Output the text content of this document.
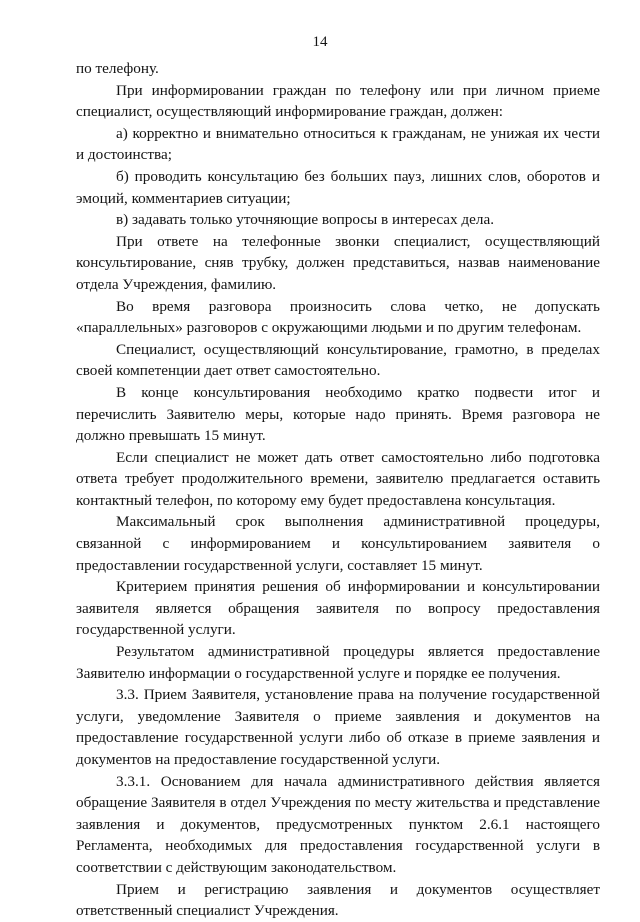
14

по телефону.

При информировании граждан по телефону или при личном приеме специалист, осуществляющий информирование граждан, должен:

а) корректно и внимательно относиться к гражданам, не унижая их чести и достоинства;

б) проводить консультацию без больших пауз, лишних слов, оборотов и эмоций, комментариев ситуации;

в) задавать только уточняющие вопросы в интересах дела.

При ответе на телефонные звонки специалист, осуществляющий консультирование, сняв трубку, должен представиться, назвав наименование отдела Учреждения, фамилию.

Во время разговора произносить слова четко, не допускать «параллельных» разговоров с окружающими людьми и по другим телефонам.

Специалист, осуществляющий консультирование, грамотно, в пределах своей компетенции дает ответ самостоятельно.

В конце консультирования необходимо кратко подвести итог и перечислить Заявителю меры, которые надо принять. Время разговора не должно превышать 15 минут.

Если специалист не может дать ответ самостоятельно либо подготовка ответа требует продолжительного времени, заявителю предлагается оставить контактный телефон, по которому ему будет предоставлена консультация.

Максимальный срок выполнения административной процедуры, связанной с информированием и консультированием заявителя о предоставлении государственной услуги, составляет 15 минут.

Критерием принятия решения об информировании и консультировании заявителя является обращения заявителя по вопросу предоставления государственной услуги.

Результатом административной процедуры является предоставление Заявителю информации о государственной услуге и порядке ее получения.

3.3. Прием Заявителя, установление права на получение государственной услуги, уведомление Заявителя о приеме заявления и документов на предоставление государственной услуги либо об отказе в приеме заявления и документов на предоставление государственной услуги.

3.3.1. Основанием для начала административного действия является обращение Заявителя в отдел Учреждения по месту жительства и представление заявления и документов, предусмотренных пунктом 2.6.1 настоящего Регламента, необходимых для предоставления государственной услуги в соответствии с действующим законодательством.

Прием и регистрацию заявления и документов осуществляет ответственный специалист Учреждения.
